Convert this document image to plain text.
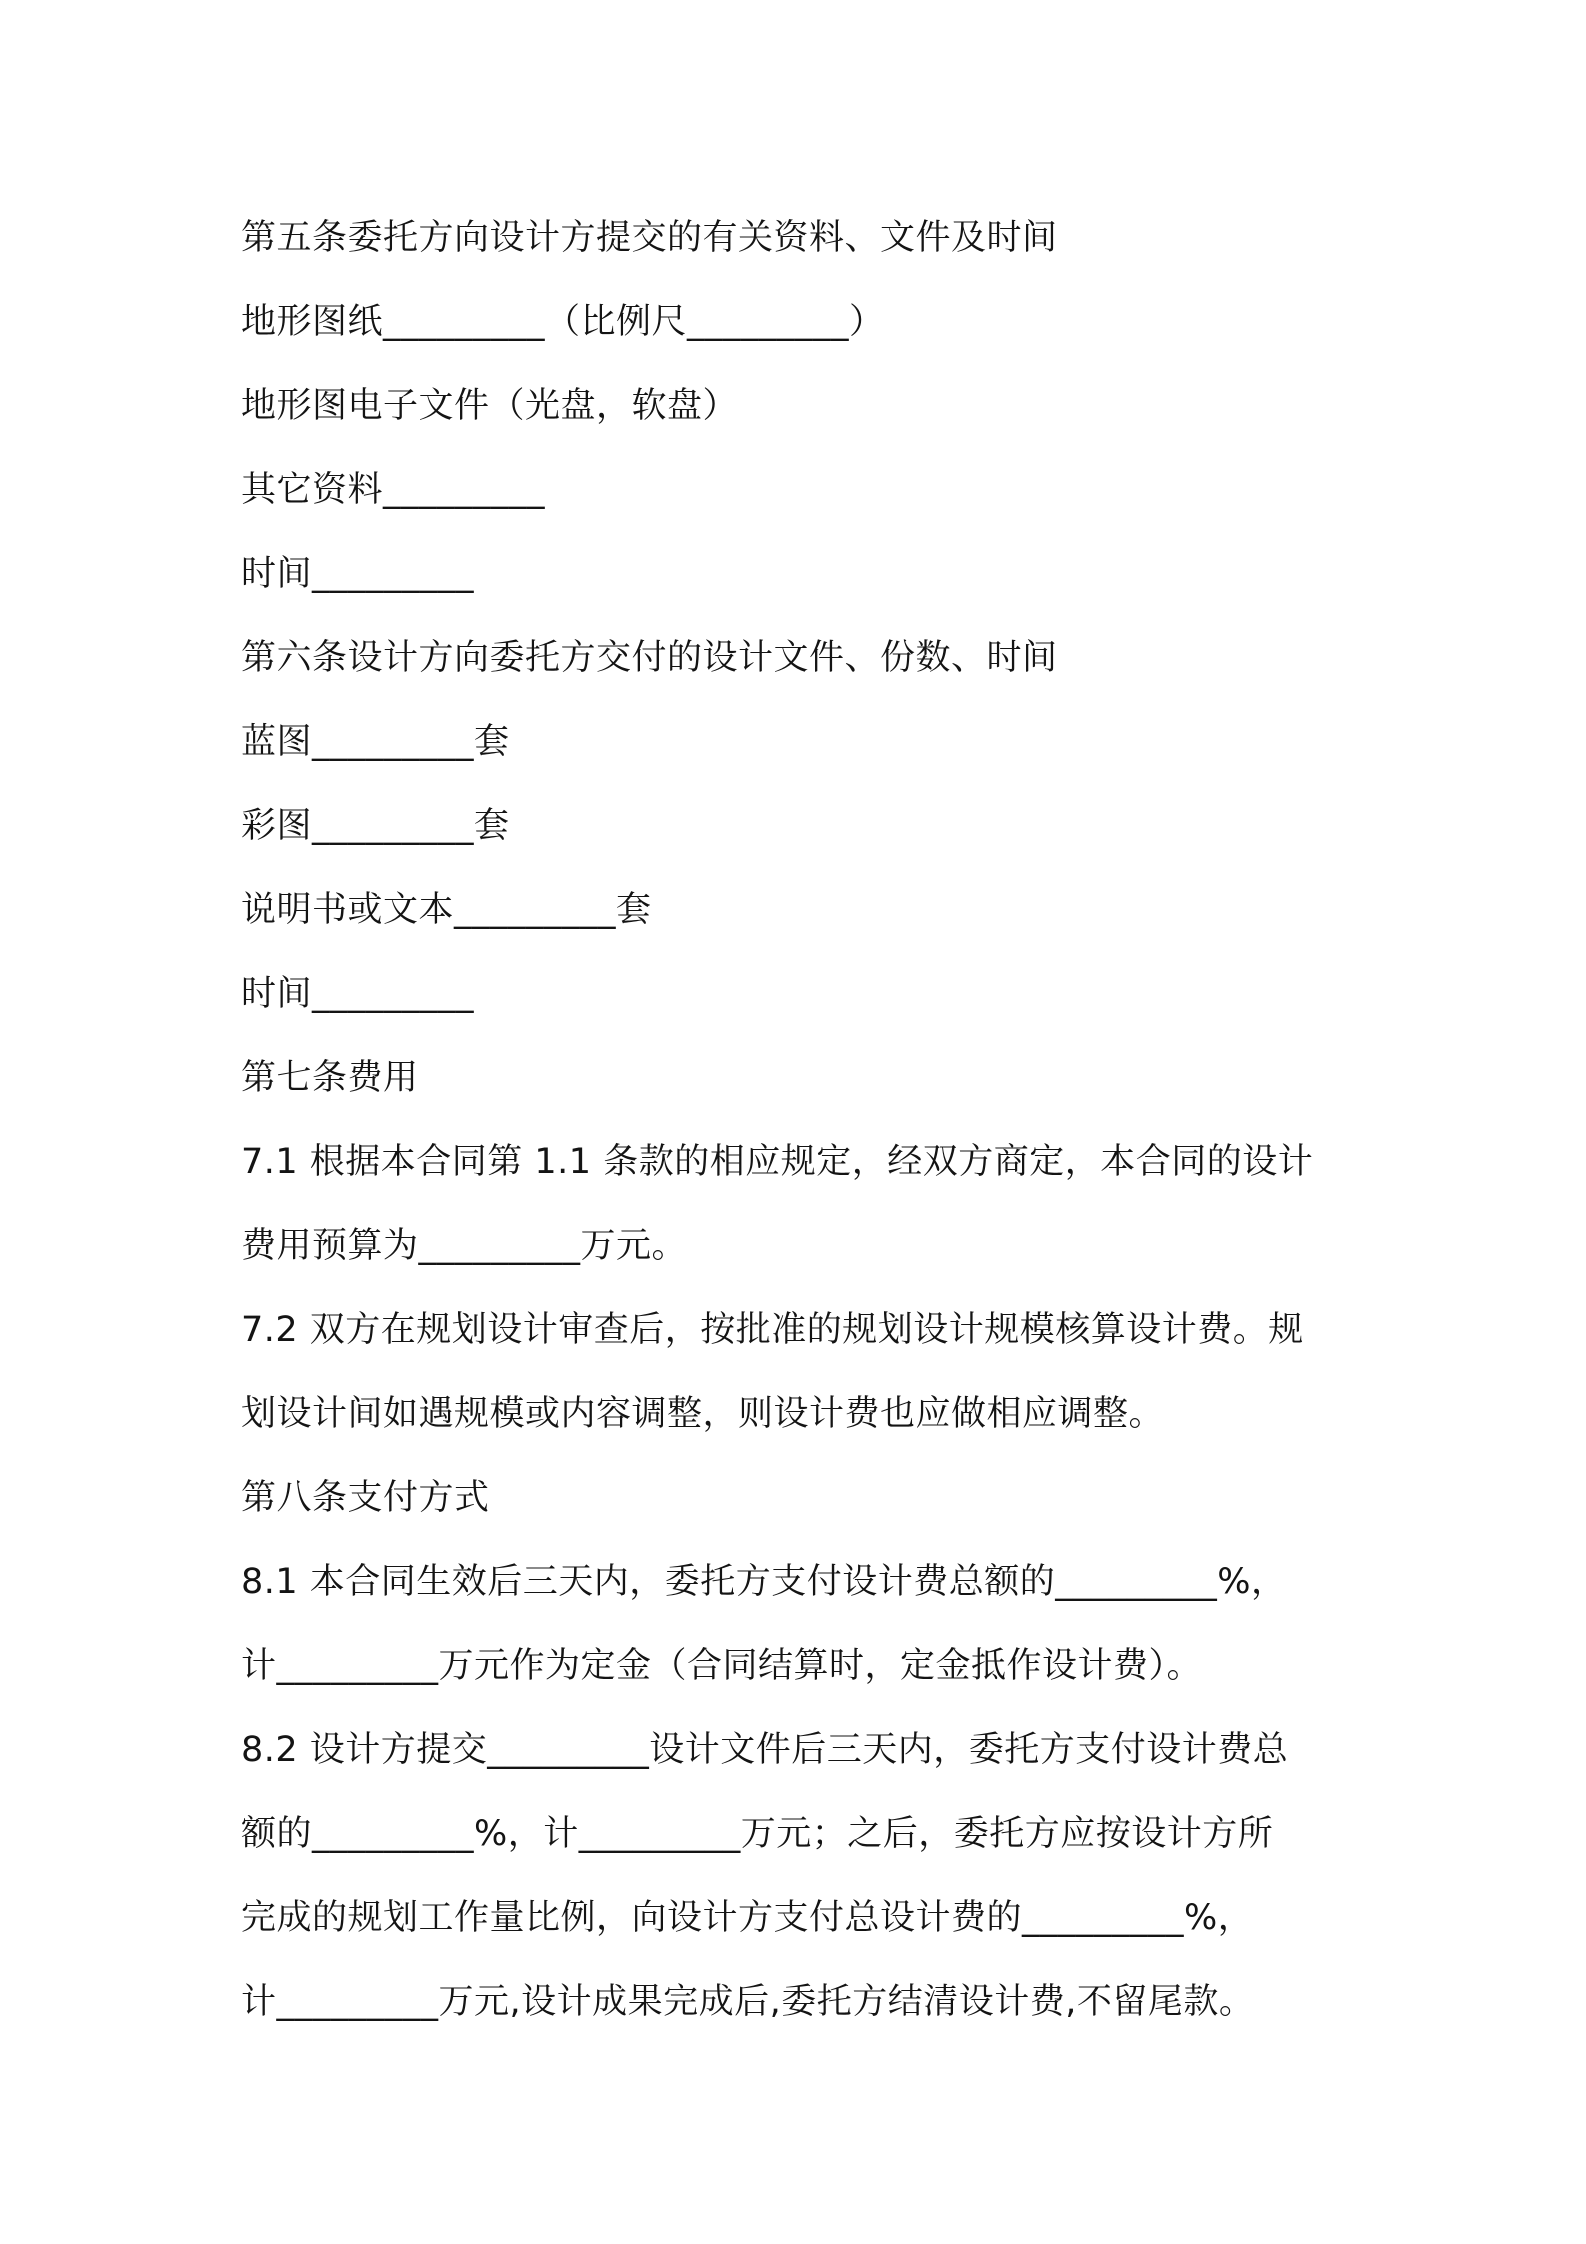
第五条委托方向设计方提交的有关资料、文件及时间
地形图纸_________（比例尺_________）
地形图电子文件（光盘，软盘）
其它资料_________
时间_________
第六条设计方向委托方交付的设计文件、份数、时间
蓝图_________套
彩图_________套
说明书或文本_________套
时间_________
第七条费用
7.1 根据本合同第 1.1 条款的相应规定，经双方商定，本合同的设计
费用预算为_________万元。
7.2 双方在规划设计审查后，按批准的规划设计规模核算设计费。规
划设计间如遇规模或内容调整，则设计费也应做相应调整。
第八条支付方式
8.1 本合同生效后三天内，委托方支付设计费总额的_________%，
计_________万元作为定金（合同结算时，定金抵作设计费）。
8.2 设计方提交_________设计文件后三天内，委托方支付设计费总
额的_________%，计_________万元；之后，委托方应按设计方所
完成的规划工作量比例，向设计方支付总设计费的_________%，
计_________万元,设计成果完成后,委托方结清设计费,不留尾款。
